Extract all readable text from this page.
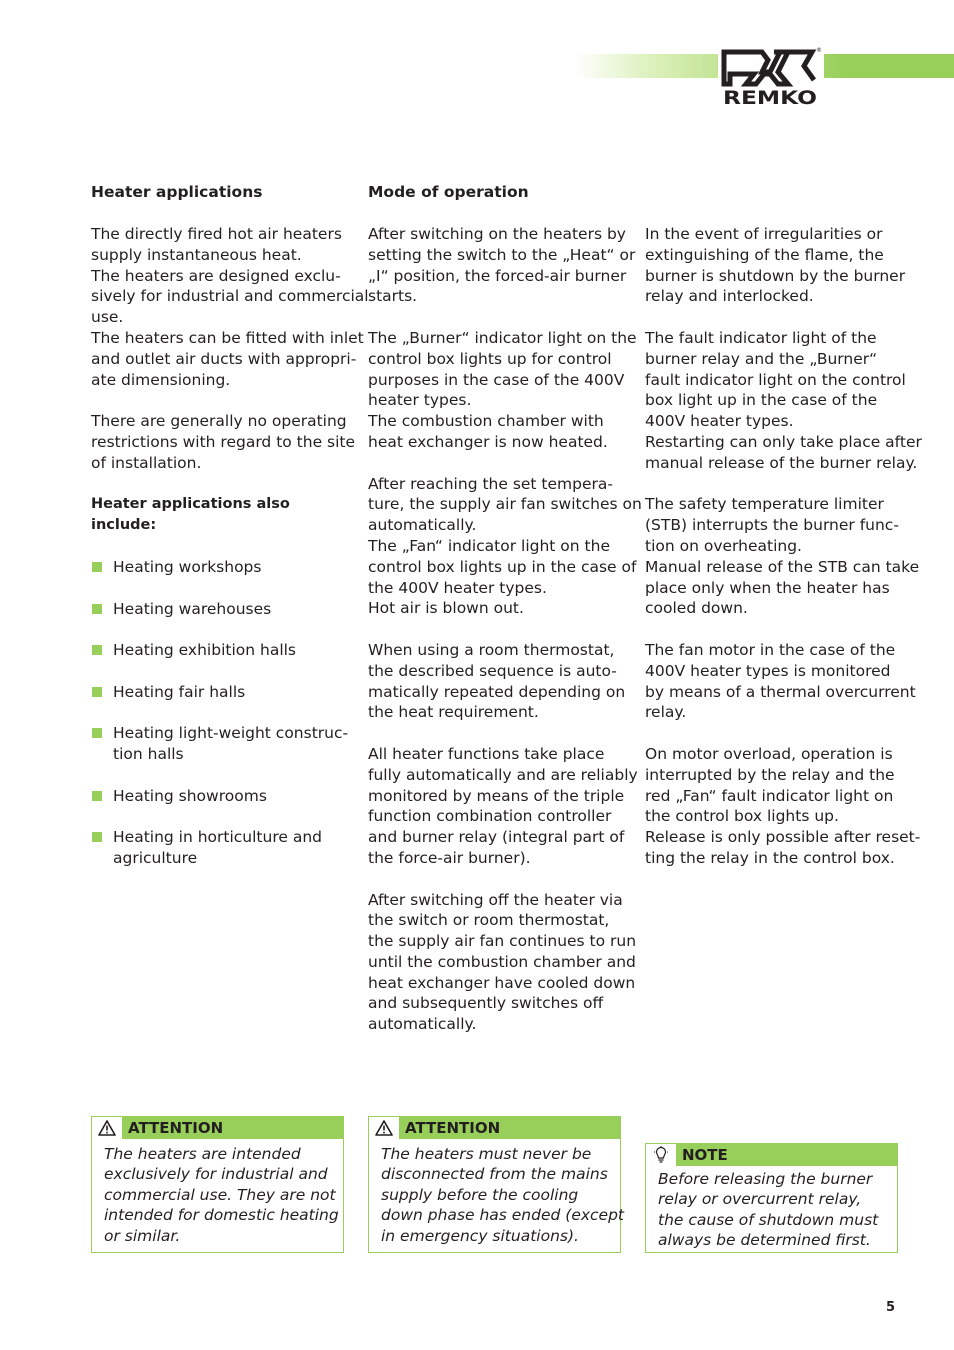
®
REMKO
Heater applications

The directly fired hot air heaters
supply instantaneous heat.
The heaters are designed exclu-
sively for industrial and commercial
use.
The heaters can be fitted with inlet
and outlet air ducts with appropri-
ate dimensioning.

There are generally no operating
restrictions with regard to the site
of installation.

Heater applications also include:
Heating workshops
Heating warehouses
Heating exhibition halls
Heating fair halls
Heating light-weight construc-
tion halls
Heating showrooms
Heating in horticulture and
agriculture
Mode of operation

After switching on the heaters by
setting the switch to the „Heat“ or
„I“ position, the forced-air burner
starts.

The „Burner“ indicator light on the
control box lights up for control
purposes in the case of the 400V
heater types.
The combustion chamber with
heat exchanger is now heated.

After reaching the set tempera-
ture, the supply air fan switches on
automatically.
The „Fan“ indicator light on the
control box lights up in the case of
the 400V heater types.
Hot air is blown out.

When using a room thermostat,
the described sequence is auto-
matically repeated depending on
the heat requirement.

All heater functions take place
fully automatically and are reliably
monitored by means of the triple
function combination controller
and burner relay (integral part of
the force-air burner).

After switching off the heater via
the switch or room thermostat,
the supply air fan continues to run
until the combustion chamber and
heat exchanger have cooled down
and subsequently switches off
automatically.

In the event of irregularities or
extinguishing of the flame, the
burner is shutdown by the burner
relay and interlocked.

The fault indicator light of the
burner relay and the „Burner“
fault indicator light on the control
box light up in the case of the
400V heater types.
Restarting can only take place after
manual release of the burner relay.

The safety temperature limiter
(STB) interrupts the burner func-
tion on overheating.
Manual release of the STB can take
place only when the heater has
cooled down.

The fan motor in the case of the
400V heater types is monitored
by means of a thermal overcurrent
relay.

On motor overload, operation is
interrupted by the relay and the
red „Fan“ fault indicator light on
the control box lights up.
Release is only possible after reset-
ting the relay in the control box.

ATTENTION
The heaters are intended
exclusively for industrial and
commercial use. They are not
intended for domestic heating
or similar.
ATTENTION
The heaters must never be
disconnected from the mains
supply before the cooling
down phase has ended (except
in emergency situations).
NOTE
Before releasing the burner
relay or overcurrent relay,
the cause of shutdown must
always be determined first.
5
